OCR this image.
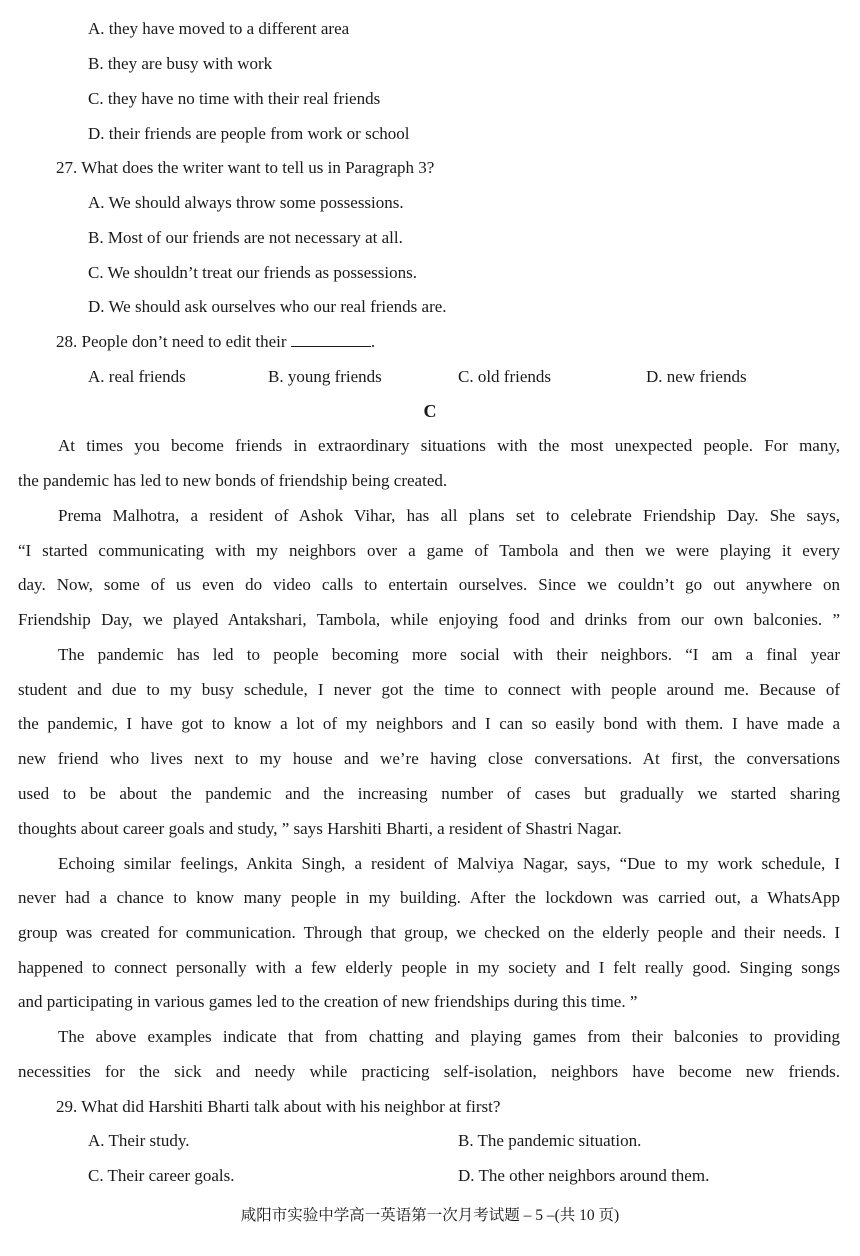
A. they have moved to a different area
B. they are busy with work
C. they have no time with their real friends
D. their friends are people from work or school
27. What does the writer want to tell us in Paragraph 3?
A. We should always throw some possessions.
B. Most of our friends are not necessary at all.
C. We shouldn’t treat our friends as possessions.
D. We should ask ourselves who our real friends are.
28. People don’t need to edit their	.
A. real friends	B. young friends	C. old friends	D. new friends
C
At times you become friends in extraordinary situations with the most unexpected people. For many,
the pandemic has led to new bonds of friendship being created.
Prema Malhotra, a resident of Ashok Vihar, has all plans set to celebrate Friendship Day. She says,
“I started communicating with my neighbors over a game of Tambola and then we were playing it every
day. Now, some of us even do video calls to entertain ourselves. Since we couldn’t go out anywhere on
Friendship Day, we played Antakshari, Tambola, while enjoying food and drinks from our own balconies. ”
The pandemic has led to people becoming more social with their neighbors. “I am a final year
student and due to my busy schedule, I never got the time to connect with people around me. Because of
the pandemic, I have got to know a lot of my neighbors and I can so easily bond with them. I have made a
new friend who lives next to my house and we’re having close conversations. At first, the conversations
used to be about the pandemic and the increasing number of cases but gradually we started sharing
thoughts about career goals and study, ” says Harshiti Bharti, a resident of Shastri Nagar.
Echoing similar feelings, Ankita Singh, a resident of Malviya Nagar, says, “Due to my work schedule, I
never had a chance to know many people in my building. After the lockdown was carried out, a WhatsApp
group was created for communication. Through that group, we checked on the elderly people and their needs. I
happened to connect personally with a few elderly people in my society and I felt really good. Singing songs
and participating in various games led to the creation of new friendships during this time. ”
The above examples indicate that from chatting and playing games from their balconies to providing
necessities for the sick and needy while practicing self-isolation, neighbors have become new friends.
29. What did Harshiti Bharti talk about with his neighbor at first?
A. Their study.	B. The pandemic situation.
C. Their career goals.	D. The other neighbors around them.
咸阳市实验中学高一英语第一次月考试题 – 5 –(共 10 页)
